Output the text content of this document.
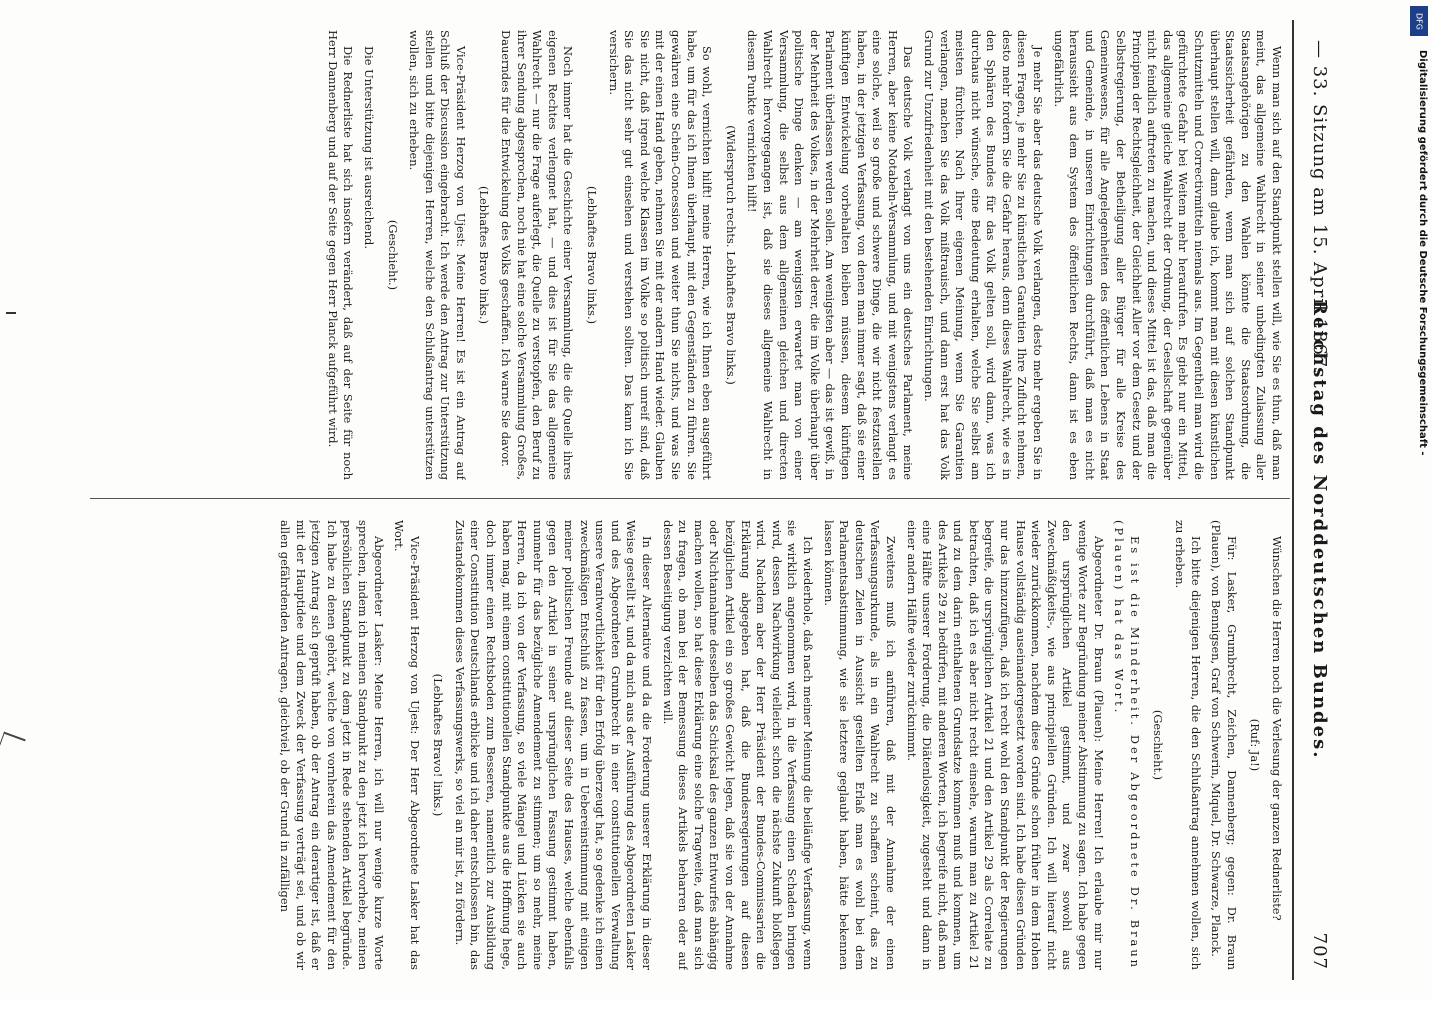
— 33. Sitzung am 15. April 1867.
Reichstag des Norddeutschen Bundes.
707

Wenn man sich auf den Standpunkt stellen will, wie Sie es thun, daß man meint, das allgemeine Wahlrecht in seiner unbedingten Zulassung aller Staatsangehörigen zu den Wahlen könnte die Staatsordnung, die Staatssicherheit gefährden, wenn man sich auf solchen Standpunkt überhaupt stellen will, dann glaube ich, kommt man mit diesen künstlichen Schutzmitteln und Correctivmitteln niemals aus. Im Gegentheil man wird die gefürchtete Gefahr bei Weitem mehr heraufrufen. Es giebt nur ein Mittel, das allgemeine gleiche Wahlrecht der Ordnung, der Gesellschaft gegenüber nicht feindlich auftreten zu machen, und dieses Mittel ist das, daß man die Principien der Rechtsgleichheit, der Gleichheit Aller vor dem Gesetz und der Selbstregierung, der Betheiligung aller Bürger für alle Kreise des Gemeinwesens, für alle Angelegenheiten des öffentlichen Lebens in Staat und Gemeinde, in unseren Einrichtungen durchführt, daß man es nicht heraussieht aus dem System des öffentlichen Rechts, dann ist es eben ungefährlich.

Je mehr Sie aber das deutsche Volk verlangen, desto mehr ergeben Sie in diesen Fragen, je mehr Sie zu künstlichen Garantien Ihre Zuflucht nehmen, desto mehr fordern Sie die Gefahr heraus, denn dieses Wahlrecht, wie es in den Sphären des Bundes für das Volk gelten soll, wird dann, was ich durchaus nicht wünsche, eine Bedeutung erhalten, welche Sie selbst am meisten fürchten. Nach Ihrer eigenen Meinung, wenn Sie Garantien verlangen, machen Sie das Volk mißtrauisch, und dann erst hat das Volk Grund zur Unzufriedenheit mit den bestehenden Einrichtungen.

Das deutsche Volk verlangt von uns ein deutsches Parlament, meine Herren, aber keine Notabeln-Versammlung, und mit wenigstens verlangt es eine solche, weil so große und schwere Dinge, die wir nicht festzustellen haben, in der jetzigen Verfassung, von denen man immer sagt, daß sie einer künftigen Entwickelung vorbehalten bleiben müssen, diesem künftigen Parlament überlassen werden sollen. Am wenigsten aber — das ist gewiß, in der Mehrheit des Volkes, in der Mehrheit derer, die im Volke überhaupt über politische Dinge denken — am wenigsten erwartet man von einer Versammlung, die selbst aus dem allgemeinen gleichen und directen Wahlrecht hervorgegangen ist, daß sie dieses allgemeine Wahlrecht in diesem Punkte vernichten hilft!

(Widerspruch rechts. Lebhaftes Bravo links.)

So wohl, vernichten hilft! meine Herren, wie ich Ihnen eben ausgeführt habe, um für das ich Ihnen überhaupt, mit den Gegenständen zu führen. Sie gewähren eine Schein-Concession und weiter thun Sie nichts, und was Sie mit der einen Hand geben, nehmen Sie mit der andern Hand wieder. Glauben Sie nicht, daß irgend welche Klassen im Volke so politisch unreif sind, daß Sie das nicht sehr gut einsehen und verstehen sollten. Das kann ich Sie versichern.

(Lebhaftes Bravo links.)

Noch immer hat die Geschichte einer Versammlung, die die Quelle ihres eigenen Rechtes verlengnet hat, — und dies ist für Sie das allgemeine Wahlrecht — nur die Frage auferlegt, die Quelle zu verstopfen, den Beruf zu ihrer Sendung abgesprochen, noch nie hat eine solche Versammlung Großes, Dauerndes für die Entwickelung des Volks geschaffen. Ich warne Sie davor.

(Lebhaftes Bravo links.)

Vice-Präsident Herzog von Ujest: Meine Herren! Es ist ein Antrag auf Schluß der Discussion eingebracht. Ich werde den Antrag zur Unterstützung stellen und bitte diejenigen Herren, welche den Schlußantrag unterstützen wollen, sich zu erheben.

(Geschieht.)

Die Unterstützung ist ausreichend.

Die Rednerliste hat sich insofern verändert, daß auf der Seite für noch Herr Dannenberg und auf der Seite gegen Herr Planck aufgeführt wird.

Wünschen die Herren noch die Verlesung der ganzen Rednerliste?

(Ruf: Ja!)

Für: Lasker, Grumbrecht, Zeichen, Dannenberg; gegen: Dr. Braun (Plauen), von Bennigsen, Graf von Schwerin, Miquel, Dr. Schwarze, Planck.

Ich bitte diejenigen Herren, die den Schlußantrag annehmen wollen, sich zu erheben.

(Geschieht.)

Es ist die Minderheit. Der Abgeordnete Dr. Braun (Plauen) hat das Wort.

Abgeordneter Dr. Braun (Plauen): Meine Herren! Ich erlaube mir nur wenige Worte zur Begründung meiner Abstimmung zu sagen. Ich habe gegen den ursprünglichen Artikel gestimmt, und zwar sowohl aus Zweckmäßigkeits-, wie aus principiellen Gründen. Ich will hierauf nicht wieder zurückkommen, nachdem diese Gründe schon früher in dem Hohen Hause vollständig auseinandergesetzt worden sind. Ich habe diesen Gründen nur das hinzuzufügen, daß ich recht wohl den Standpunkt der Regierungen begreife, die ursprünglichen Artikel 21 und den Artikel 29 als Correlate zu betrachten, daß ich es aber nicht recht einsehe, warum man zu Artikel 21 und zu dem darin enthaltenen Grundsatze kommen muß und kommen, um des Artikels 29 zu bedürfen, mit anderen Worten, ich begreife nicht, daß man eine Hälfte unserer Forderung, die Diätenlosigkeit, zugesteht und dann in einer andern Hälfte wieder zurücknimmt.

Zweitens muß ich anführen, daß mit der Annahme der einen Verfassungsurkunde, als in ein Wahlrecht zu schaffen scheint, das zu deutschen Zielen in Aussicht gestellten Erlaß man es wohl bei dem Parlamentsabstimmung, wie sie letztere geglaubt haben, hätte bekennen lassen können.

Ich wiederhole, daß nach meiner Meinung die beiläufige Verfassung, wenn sie wirklich angenommen wird, in die Verfassung einen Schaden bringen wird, dessen Nachwirkung vielleicht schon die nächste Zukunft bloßlegen wird. Nachdem aber der Herr Präsident der Bundes-Commissarien die Erklärung abgegeben hat, daß die Bundesregierungen auf diesen bezüglichen Artikel ein so großes Gewicht legen, daß sie von der Annahme oder Nichtannahme desselben das Schicksal des ganzen Entwurfes abhängig machen wollen, so hat diese Erklärung eine solche Tragweite, daß man sich zu fragen, ob man bei der Bemessung dieses Artikels beharren oder auf dessen Beseitigung verzichten will.

In dieser Alternative und da die Forderung unserer Erklärung in dieser Weise gestellt ist, und da mich aus der Ausführung des Abgeordneten Lasker und des Abgeordneten Grumbrecht in einer constitutionellen Verwaltung unsere Verantwortlichkeit für den Erfolg überzeugt hat, so gedenke ich einen zweckmäßigen Entschluß zu fassen, um in Uebereinstimmung mit einigen meiner politischen Freunde auf dieser Seite des Hauses, welche ebenfalls gegen den Artikel in seiner ursprünglichen Fassung gestimmt haben, nunmehr für das bezügliche Amendement zu stimmen; um so mehr, meine Herren, da ich von der Verfassung, so viele Mängel und Lücken sie auch haben mag, mit einem constitutionellen Standpunkte aus die Hoffnung hege, doch immer einen Rechtsboden zum Besseren, namentlich zur Ausbildung einer Constitution Deutschlands erblicke und ich daher entschlossen bin, das Zustandekommen dieses Verfassungswerks, so viel an mir ist, zu fördern.

(Lebhaftes Bravo! links.)

Vice-Präsident Herzog von Ujest: Der Herr Abgeordnete Lasker hat das Wort.

Abgeordneter Lasker: Meine Herren, ich will nur wenige kurze Worte sprechen, indem ich meinen Standpunkt zu den jetzt ich hervorhebe, meinen persönlichen Standpunkt zu dem jetzt in Rede stehenden Artikel begründe. Ich habe zu denen gehört, welche von vornherein das Amendement für den jetzigen Antrag sich geprüft haben, ob der Antrag ein derartiger ist, daß er mit der Hauptidee und dem Zweck der Verfassung verträgt sei, und ob wir allen gefährdenden Antragen, gleichviel, ob der Grund in zufälligen

DFG
Digitalisierung gefördert durch die Deutsche Forschungsgemeinschaft -
